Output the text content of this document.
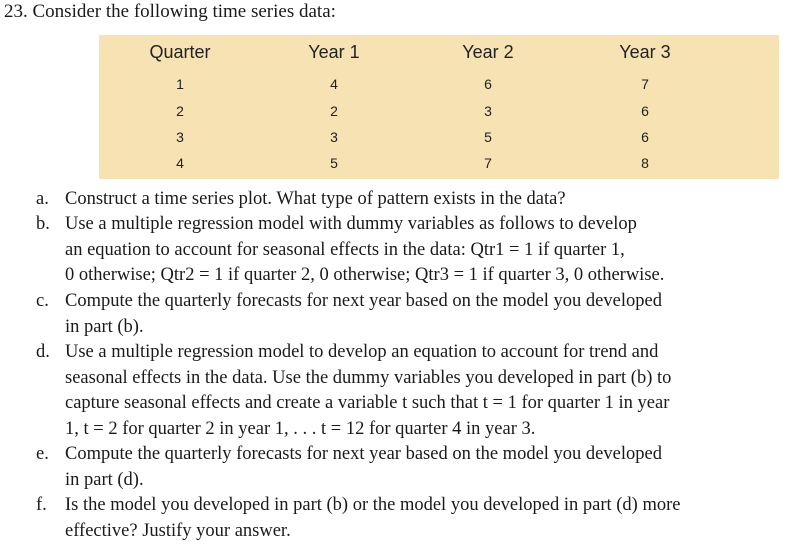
23. Consider the following time series data:
Quarter	Year 1	Year 2	Year 3
1	4	6	7
2	2	3	6
3	3	5	6
4	5	7	8
a. Construct a time series plot. What type of pattern exists in the data?
b. Use a multiple regression model with dummy variables as follows to develop
an equation to account for seasonal effects in the data: Qtr1 = 1 if quarter 1,
0 otherwise; Qtr2 = 1 if quarter 2, 0 otherwise; Qtr3 = 1 if quarter 3, 0 otherwise.
c. Compute the quarterly forecasts for next year based on the model you developed
in part (b).
d. Use a multiple regression model to develop an equation to account for trend and
seasonal effects in the data. Use the dummy variables you developed in part (b) to
capture seasonal effects and create a variable t such that t = 1 for quarter 1 in year
1, t = 2 for quarter 2 in year 1, . . . t = 12 for quarter 4 in year 3.
e. Compute the quarterly forecasts for next year based on the model you developed
in part (d).
f. Is the model you developed in part (b) or the model you developed in part (d) more
effective? Justify your answer.
